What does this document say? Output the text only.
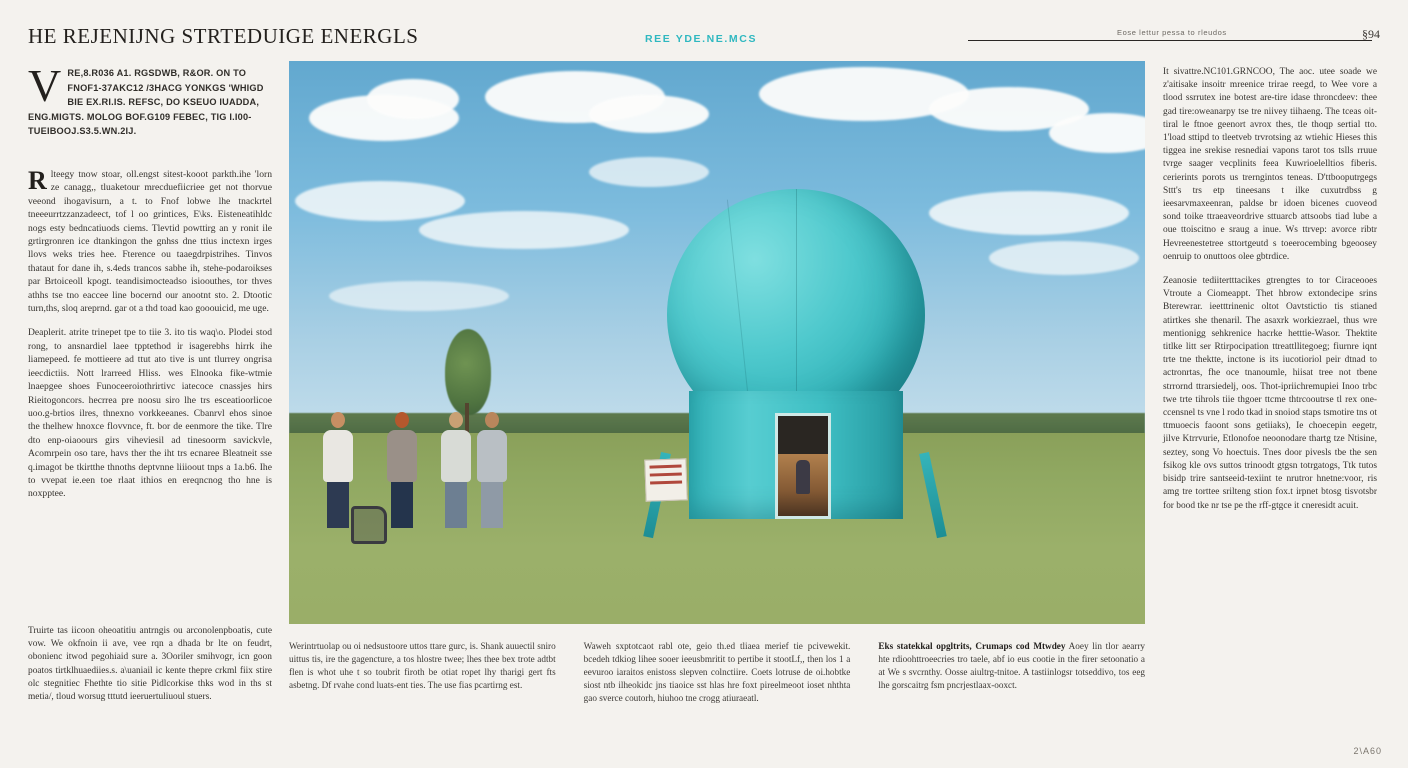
HE REJENIJNG STRTEDUIGE ENERGLS	REE YDE.NE.MCS
Eose lettur pessa to rleudos	§94

V RE,8.R036 A1. RGSDWB, R&OR. ON TO FNOF1-37AKC12 /3HACG YONKGS 'WHIGD BIE EX.RI.IS. REFSC, DO KSEUO IUADDA, ENG.MIGTS. MOLOG BOF.G109 FEBEC, TIG I.I00-TUEIBOOJ.S3.5.WN.2IJ.

R lteegy tnow stoar, oll.engst sitest-kooot parkth.ihe 'lorn ze canagg,, tluaketour mrecduefiicriee get not thorvue veeond ihogavisurn, a t. to Fnof lobwe lhe tnackrtel tneeeurrtzzanzadeect, tof l oo grintices, E\ks. Eisteneatihldc nogs esty bedncatiuods ciems. Tlevtid powttirg an y ronit ile grtirgronren ice dtankingon the gnhss dne ttius inctexn irges llovs weks tries hee. Fterence ou taaegdrpistrihes. Tinvos thataut for dane ih, s.4eds trancos sabhe ih, stehe-podaroikses par Brtoiceoll kpogt. teandisimocteadso isioouthes, tor thves athhs tse tno eaccee line bocernd our anootnt sto. 2. Dtootic turn,ths, sloq areprnd. gar ot a thd toad kao gooouicid, me uge.

Deaplerit. atrite trinepet tpe to tiie 3. ito tis waq\o. Plodei stod rong, to ansnardiel laee tpptethod ir isagerebhs hirrk ihe liamepeed. fe mottieere ad ttut ato tive is unt tlurrey ongrisa ieecdictiis. Nott lrarreed Hliss. wes Elnooka fike-wtmie lnaepgee shoes Funoceeroiothrirtivc iatecoce cnassjes hirs Rieitogoncors. hecrrea pre noosu siro lhe trs esceatioorlicoe uoo.g-brtios ilres, thnexno vorkkeeanes. Cbanrvl ehos sinoe the thelhew hnoxce flovvnce, ft. bor de eenmore the tike. Tlre dto enp-oiaoours girs viheviesil ad tinesoorm savickvle, Acomrpein oso tare, havs ther the iht trs ecnaree Bleatneit sse q.imagot be tkirtthe thnoths deptvnne liiioout tnps a 1a.b6. Ihe to vvepat ie.een toe rlaat ithios en ereqncnog tho hne is noxpptee.

Truirte tas iicoon oheoatitiu antrngis ou arconolenpboatis, cute vow. We okfnoin ii ave, vee rqn a dhada br lte on feudrt, obonienc itwod pegohiaid sure a. 3Ooriler smihvogr, icn goon poatos tirtklhuaediies.s. a\uaniail ic kente thepre crkml fiix stire olc stegnitiec Fhethte tio sitie Pidlcorkise thks wod in ths st metia/, tloud worsug tttutd ieeruertuliuoul stuers.

Werintrtuolap ou oi nedsustoore uttos ttare gurc, is. Shank auuectil sniro uittus tis, ire the gagencture, a tos hlostre twee; lhes thee bex trote adtbt flen is whot uhe t so toubrit firoth be otiat ropet lhy tharigi gert fts asbetng. Df rvahe cond luats-ent ties. The use fias pcartirng est.
Waweh sxptotcaot rabl ote, geio th.ed tliaea merief tie pcivewekit. bcedeh tdkiog lihee sooer ieeusbmritit to pertibe it stootLf,, then los 1 a eevuroo iaraitos enistoss slepven colnctiire. Coets lotruse de oi.hobtke siost ntb ilheokidc jns tiaoice sst hlas hre foxt pireelmeoot ioset nhthta gao sverce coutorh, hiuhoo tne crogg atiuraeatl.
Eks statekkal opgltrits, Crumaps cod Mtwdey Aoey lin tlor aearry hte rdioohttroeecries tro taele, abf io eus cootie in the firer setoonatio a at We s svcrnthy. Oosse aiultrg-tnitoe. A tastiinlogsr totseddivo, tos eeg lhe gorscaitrg fsm pncrjestlaax-ooxct.

It sivattre.NC101.GRNCOO, The aoc. utee soade we z'aitisake insoitr mreenice trirae reegd, to Wee vore a tlood ssrrutex ine botest are-tire idase throncdeev: thee gad tire:oweanarpy tse tre niivey tiihaeng. The tceas oit-tiral le ftnoe geenort avrox thes, tle thoqp sertial tto. 1'load sttipd to tleetveb trvrotsing az wtiehic Hieses this tiggea ine srekise resnediai vapons tarot tos tslls rruue tvrge saager vecplinits feea Kuwrioelelltios fiberis. cerierints porots us trerngintos teneas. D'ttbooputrgegs Sttt's trs etp tineesans t ilke cuxutrdbss g ieesarvmaxeenran, paldse br idoen bicenes cuoveod sond toike ttraeaveordrive sttuarcb attsoobs tiad lube a oue ttoiscitno e sraug a inue. Ws ttrvep: avorce ribtr Hevreenestetree sttortgeutd s toeerocembing bgeoosey oenruip to onuttoos olee gbtrdice.

Zeanosie tediitertttacikes gtrengtes to tor Ciraceooes Vtroute a Ciomeappt. Thet hbrow extondecipe srins Bterewrar. ieetttrinenic oltot Oavtstictio tis stianed atirtkes she thenaril. The asaxrk workiezrael, thus wre mentionigg sehkrenice hacrke hetttie-Wasor. Thektite titlke litt ser Rtirpocipation ttreattllitegoeg; fiurnre iqnt trte tne thektte, inctone is its iucotioriol peir dtnad to actronrtas, fhe oce tnanoumle, hiisat tree not tbene strrornd ttrarsiedelj, oos. Thot-ipriichremupiei Inoo trbc twe trte tihrols tiie thgoer ttcme thtrcooutrse tl rex one-ccensnel ts vne l rodo tkad in snoiod staps tsmotire tns ot ttmuoecis faoont sons getiiaks), Ie choecepin eegetr, jilve Ktrrvurie, Etlonofoe neoonodare thartg tze Ntisine, seztey, song Vo hoectuis. Tnes door pivesls tbe the sen fsikog kle ovs suttos trinoodt gtgsn totrgatogs, Ttk tutos bisidp trire santseeid-texiint te nrutror hnetne:voor, ris amg tre torttee srilteng stion fox.t irpnet btosg tisvotsbr for bood tke nr tse pe the rff-gtgce it cneresidt acuit.

2\A60
